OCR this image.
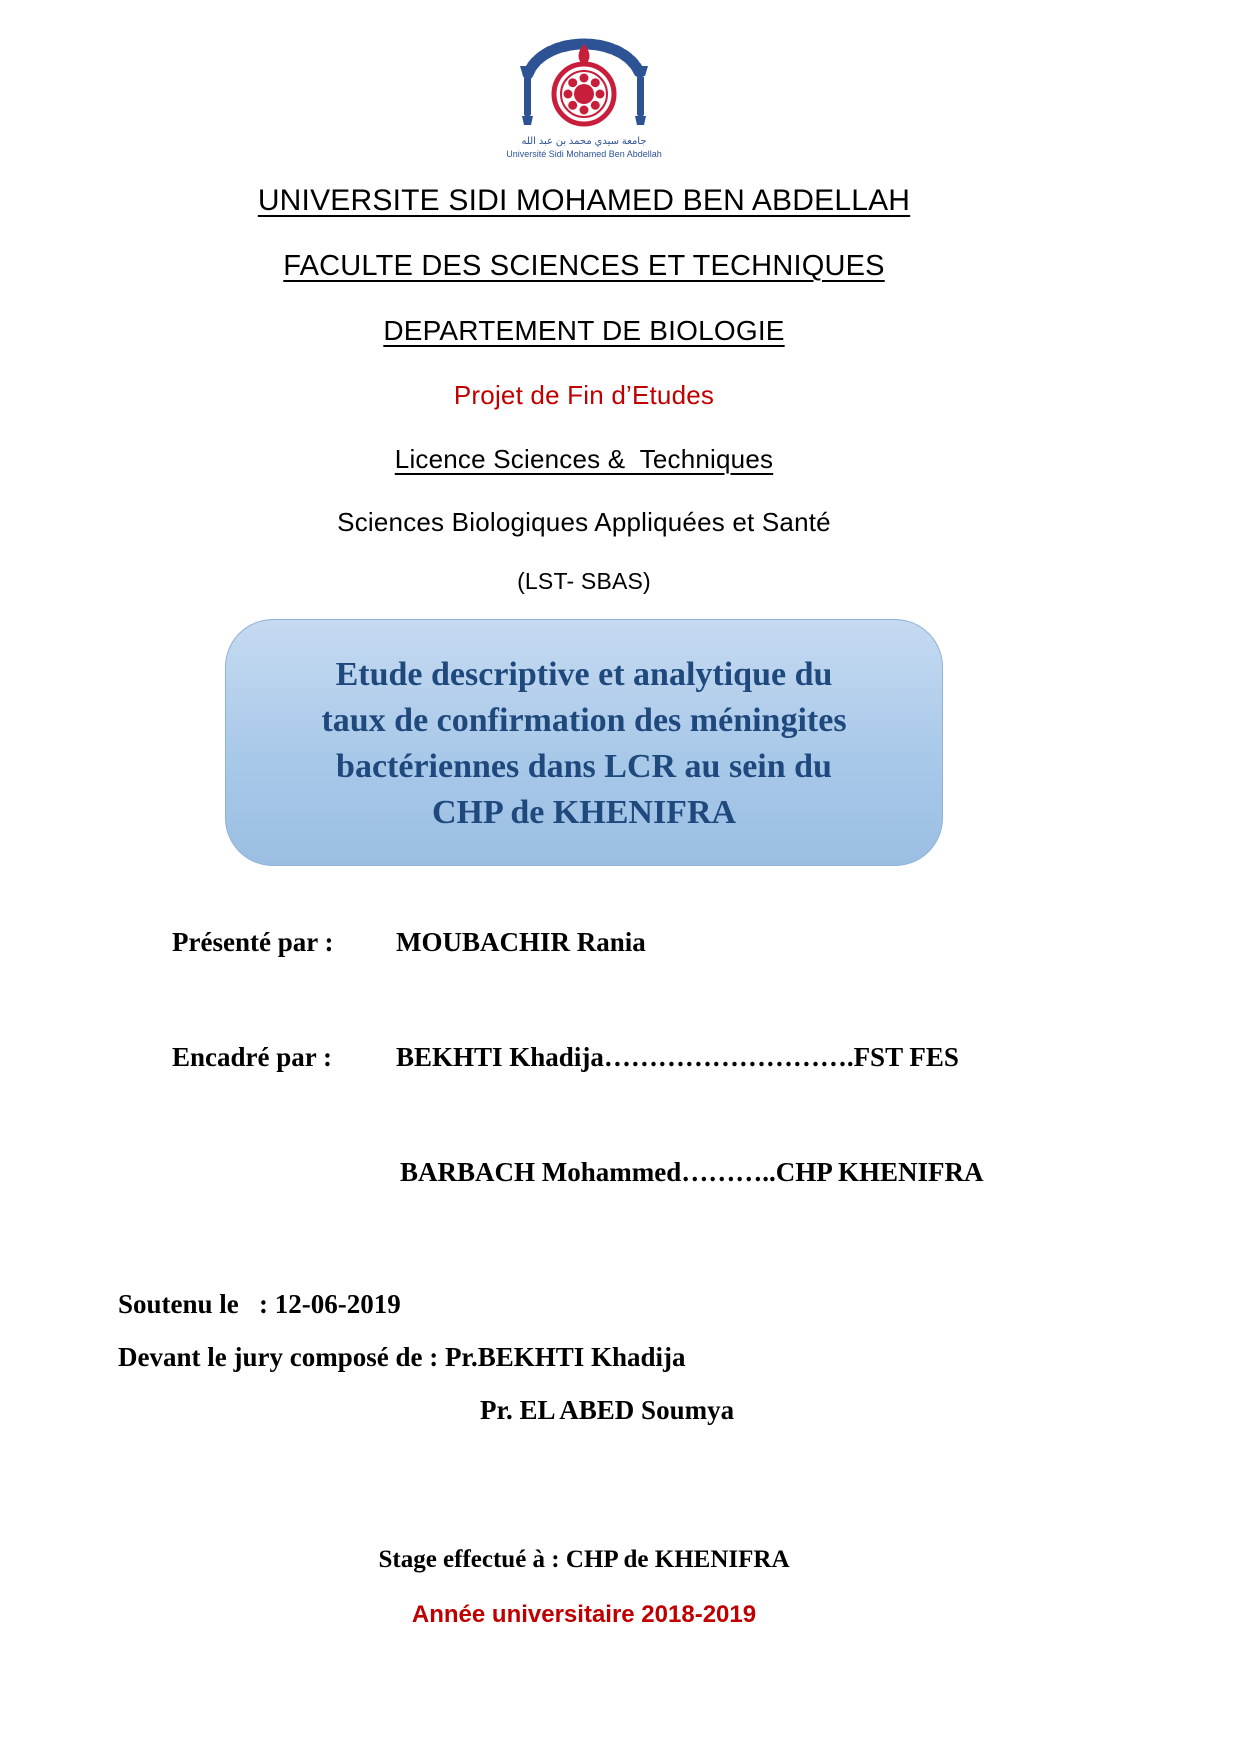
جامعة سيدي محمد بن عبد الله
Université Sidi Mohamed Ben Abdellah
UNIVERSITE SIDI MOHAMED BEN ABDELLAH
FACULTE DES SCIENCES ET TECHNIQUES
DEPARTEMENT DE BIOLOGIE
Projet de Fin d’Etudes
Licence Sciences &  Techniques
Sciences Biologiques Appliquées et Santé
(LST- SBAS)
Etude descriptive et analytique du
taux de confirmation des méningites
bactériennes dans LCR au sein du
CHP de KHENIFRA

Présenté par : MOUBACHIR Rania

Encadré par : BEKHTI Khadija……………………….FST FES

BARBACH Mohammed………..CHP KHENIFRA

Soutenu le   : 12-06-2019
Devant le jury composé de : Pr.BEKHTI Khadija
Pr. EL ABED Soumya
Stage effectué à : CHP de KHENIFRA
Année universitaire 2018-2019
